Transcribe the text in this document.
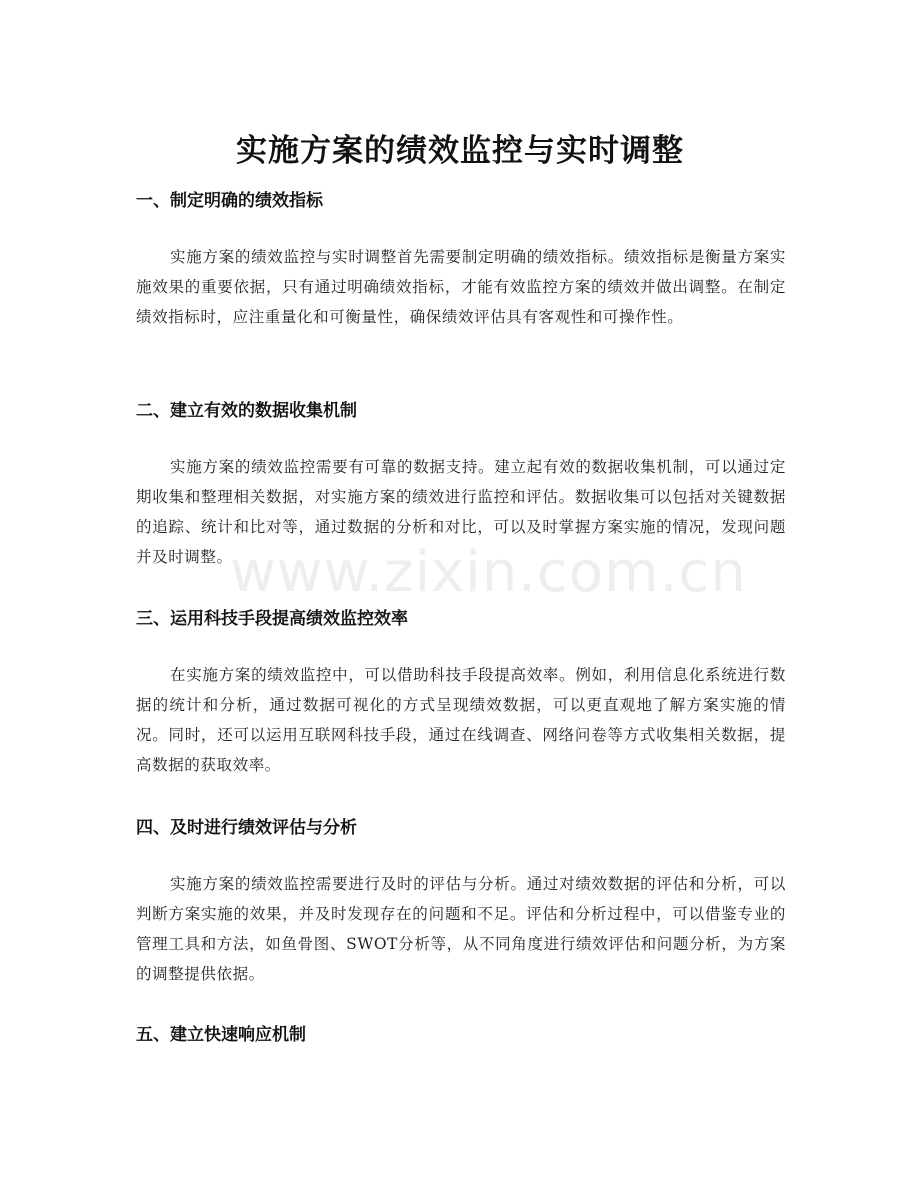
www.zixin.com.cn
实施方案的绩效监控与实时调整
一、制定明确的绩效指标

实施方案的绩效监控与实时调整首先需要制定明确的绩效指标。绩效指标是衡量方案实施效果的重要依据，只有通过明确绩效指标，才能有效监控方案的绩效并做出调整。在制定绩效指标时，应注重量化和可衡量性，确保绩效评估具有客观性和可操作性。

二、建立有效的数据收集机制

实施方案的绩效监控需要有可靠的数据支持。建立起有效的数据收集机制，可以通过定期收集和整理相关数据，对实施方案的绩效进行监控和评估。数据收集可以包括对关键数据的追踪、统计和比对等，通过数据的分析和对比，可以及时掌握方案实施的情况，发现问题并及时调整。

三、运用科技手段提高绩效监控效率

在实施方案的绩效监控中，可以借助科技手段提高效率。例如，利用信息化系统进行数据的统计和分析，通过数据可视化的方式呈现绩效数据，可以更直观地了解方案实施的情况。同时，还可以运用互联网科技手段，通过在线调查、网络问卷等方式收集相关数据，提高数据的获取效率。

四、及时进行绩效评估与分析

实施方案的绩效监控需要进行及时的评估与分析。通过对绩效数据的评估和分析，可以判断方案实施的效果，并及时发现存在的问题和不足。评估和分析过程中，可以借鉴专业的管理工具和方法，如鱼骨图、SWOT分析等，从不同角度进行绩效评估和问题分析，为方案的调整提供依据。

五、建立快速响应机制
